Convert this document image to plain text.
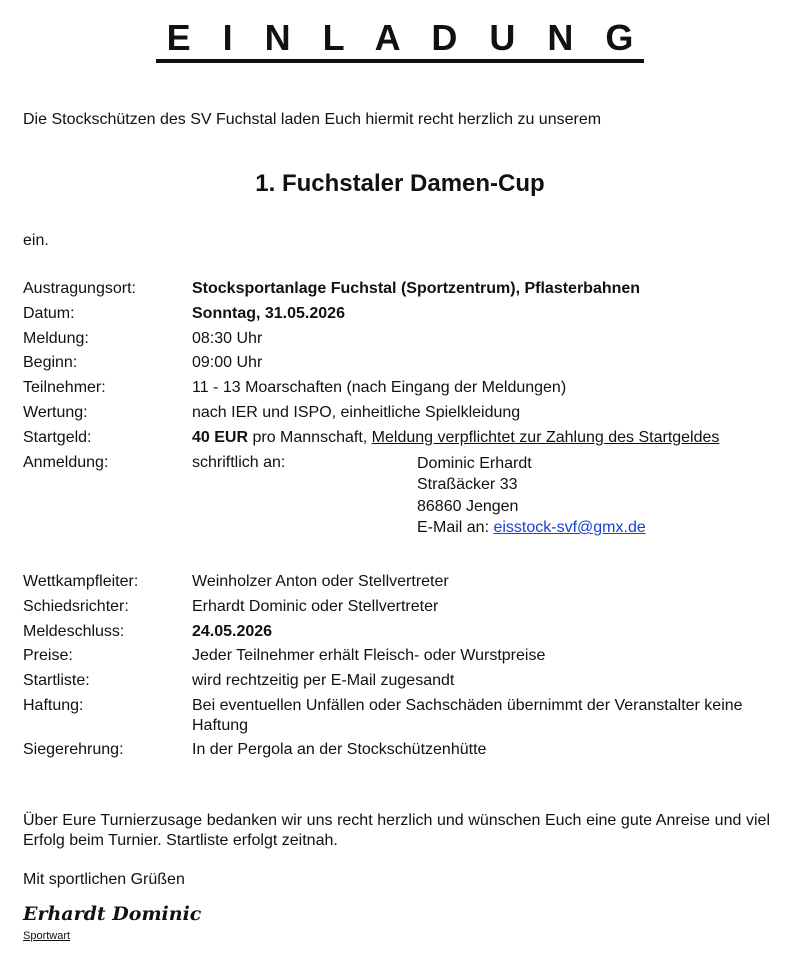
E I N L A D U N G
Die Stockschützen des SV Fuchstal laden Euch hiermit recht herzlich zu unserem
1. Fuchstaler Damen-Cup
ein.
Austragungsort:	Stocksportanlage Fuchstal (Sportzentrum), Pflasterbahnen
Datum:	Sonntag, 31.05.2026
Meldung:	08:30 Uhr
Beginn:	09:00 Uhr
Teilnehmer:	11 - 13 Moarschaften (nach Eingang der Meldungen)
Wertung:	nach IER und ISPO, einheitliche Spielkleidung
Startgeld:	40 EUR pro Mannschaft, Meldung verpflichtet zur Zahlung des Startgeldes
Anmeldung:	schriftlich an:	Dominic Erhardt
Straßäcker 33
86860 Jengen
E-Mail an: eisstock-svf@gmx.de
Wettkampfleiter:	Weinholzer Anton oder Stellvertreter
Schiedsrichter:	Erhardt Dominic oder Stellvertreter
Meldeschluss:	24.05.2026
Preise:	Jeder Teilnehmer erhält Fleisch- oder Wurstpreise
Startliste:	wird rechtzeitig per E-Mail zugesandt
Haftung:	Bei eventuellen Unfällen oder Sachschäden übernimmt der Veranstalter keine Haftung
Siegerehrung:	In der Pergola an der Stockschützenhütte
Über Eure Turnierzusage bedanken wir uns recht herzlich und wünschen Euch eine gute Anreise und viel Erfolg beim Turnier. Startliste erfolgt zeitnah.
Mit sportlichen Grüßen
Erhardt Dominic
Sportwart
